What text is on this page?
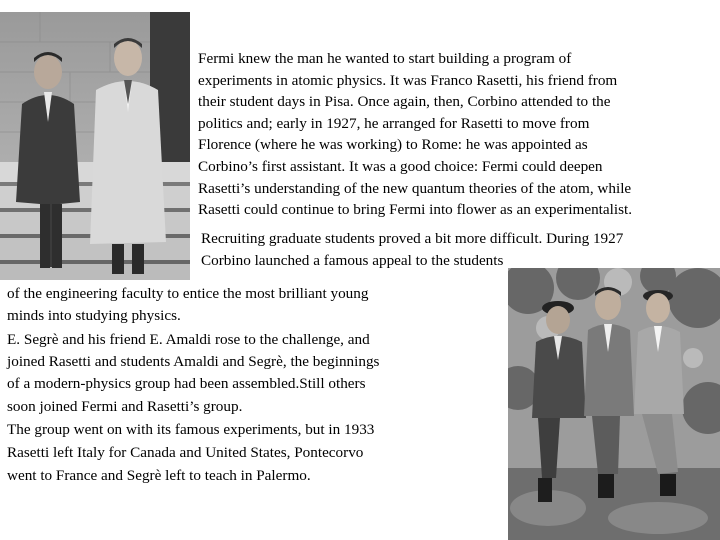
Fermi knew the man he wanted to start building a program of
experiments in atomic physics. It was Franco Rasetti, his friend from
their student days in Pisa. Once again, then, Corbino attended to the
politics and; early in 1927, he arranged for Rasetti to move from
Florence (where he was working) to Rome: he was appointed as
Corbino’s first assistant. It was a good choice: Fermi could deepen
Rasetti’s understanding of the new quantum theories of the atom, while
Rasetti could continue to bring Fermi into flower as an experimentalist.
Recruiting graduate students proved a bit more difficult. During 1927
Corbino launched a famous appeal to the students
of the engineering faculty to entice the most brilliant young
minds into studying physics.
E. Segrè and his friend E. Amaldi rose to the challenge, and
joined Rasetti and students Amaldi and Segrè, the beginnings
of a modern-physics group had been assembled.Still others
soon joined Fermi and Rasetti’s group.
The group went on with its famous experiments, but in 1933
Rasetti left Italy for Canada and United States, Pontecorvo
went to France and Segrè left to teach in Palermo.
